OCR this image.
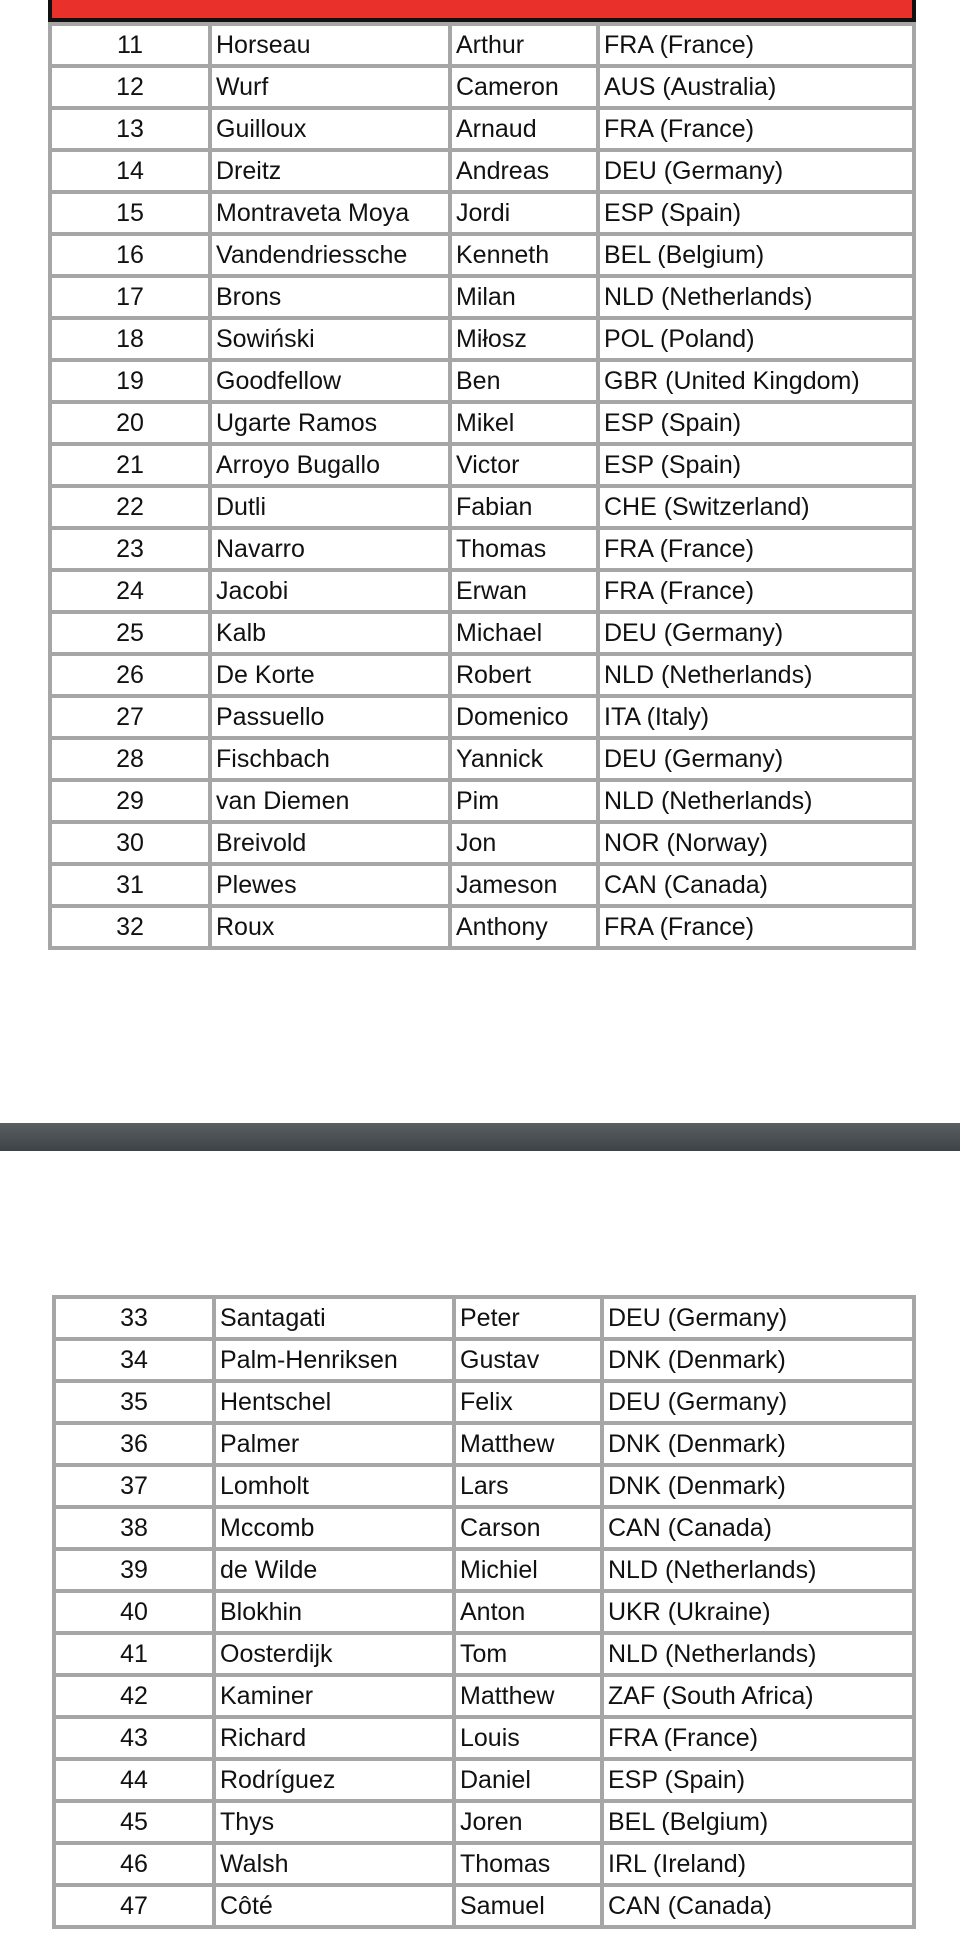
11	Horseau	Arthur	FRA (France)
12	Wurf	Cameron	AUS (Australia)
13	Guilloux	Arnaud	FRA (France)
14	Dreitz	Andreas	DEU (Germany)
15	Montraveta Moya	Jordi	ESP (Spain)
16	Vandendriessche	Kenneth	BEL (Belgium)
17	Brons	Milan	NLD (Netherlands)
18	Sowiński	Miłosz	POL (Poland)
19	Goodfellow	Ben	GBR (United Kingdom)
20	Ugarte Ramos	Mikel	ESP (Spain)
21	Arroyo Bugallo	Victor	ESP (Spain)
22	Dutli	Fabian	CHE (Switzerland)
23	Navarro	Thomas	FRA (France)
24	Jacobi	Erwan	FRA (France)
25	Kalb	Michael	DEU (Germany)
26	De Korte	Robert	NLD (Netherlands)
27	Passuello	Domenico	ITA (Italy)
28	Fischbach	Yannick	DEU (Germany)
29	van Diemen	Pim	NLD (Netherlands)
30	Breivold	Jon	NOR (Norway)
31	Plewes	Jameson	CAN (Canada)
32	Roux	Anthony	FRA (France)
33	Santagati	Peter	DEU (Germany)
34	Palm-Henriksen	Gustav	DNK (Denmark)
35	Hentschel	Felix	DEU (Germany)
36	Palmer	Matthew	DNK (Denmark)
37	Lomholt	Lars	DNK (Denmark)
38	Mccomb	Carson	CAN (Canada)
39	de Wilde	Michiel	NLD (Netherlands)
40	Blokhin	Anton	UKR (Ukraine)
41	Oosterdijk	Tom	NLD (Netherlands)
42	Kaminer	Matthew	ZAF (South Africa)
43	Richard	Louis	FRA (France)
44	Rodríguez	Daniel	ESP (Spain)
45	Thys	Joren	BEL (Belgium)
46	Walsh	Thomas	IRL (Ireland)
47	Côté	Samuel	CAN (Canada)
